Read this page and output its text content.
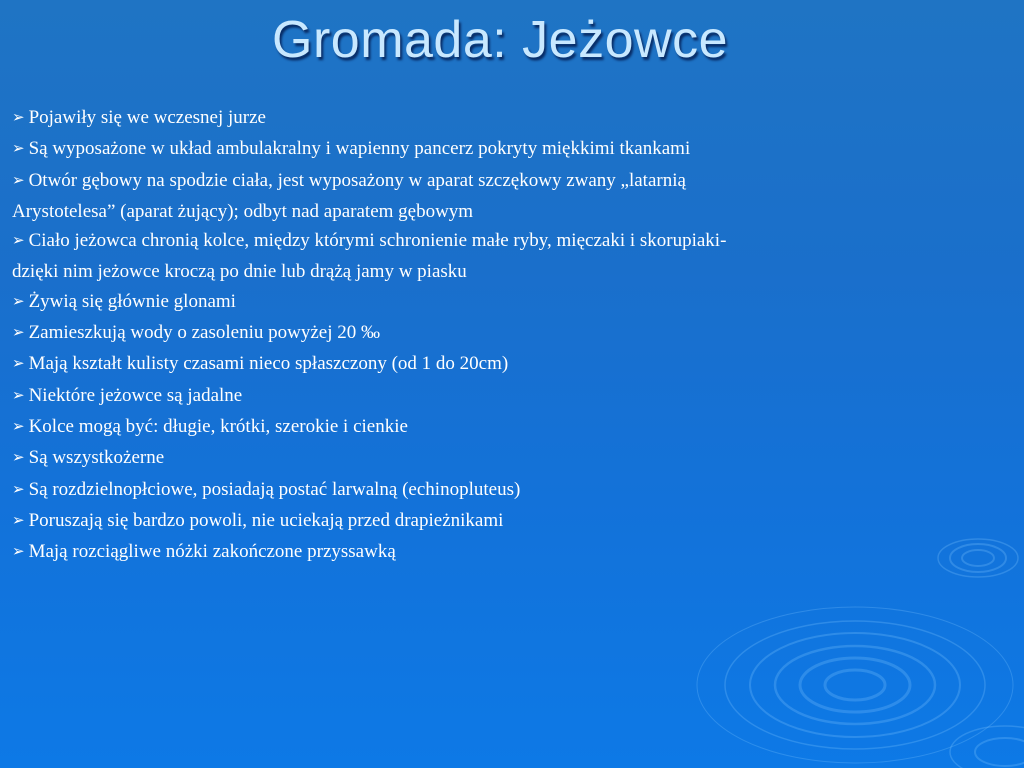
Gromada: Jeżowce
➢ Pojawiły się we wczesnej jurze
➢ Są wyposażone w układ ambulakralny i wapienny pancerz pokryty miękkimi tkankami
➢ Otwór gębowy na spodzie ciała, jest wyposażony w aparat szczękowy zwany „latarnią
Arystotelesa” (aparat żujący); odbyt nad aparatem gębowym
➢ Ciało jeżowca chronią kolce, między którymi schronienie małe ryby, mięczaki i skorupiaki-
dzięki nim jeżowce kroczą po dnie lub drążą jamy w piasku
➢ Żywią się głównie glonami
➢ Zamieszkują wody o zasoleniu powyżej 20 ‰
➢ Mają kształt kulisty czasami nieco spłaszczony (od 1 do 20cm)
➢ Niektóre jeżowce są jadalne
➢ Kolce mogą być: długie, krótki, szerokie i cienkie
➢ Są wszystkożerne
➢ Są rozdzielnopłciowe, posiadają postać larwalną (echinopluteus)
➢ Poruszają się bardzo powoli, nie uciekają przed drapieżnikami
➢ Mają rozciągliwe nóżki zakończone przyssawką
